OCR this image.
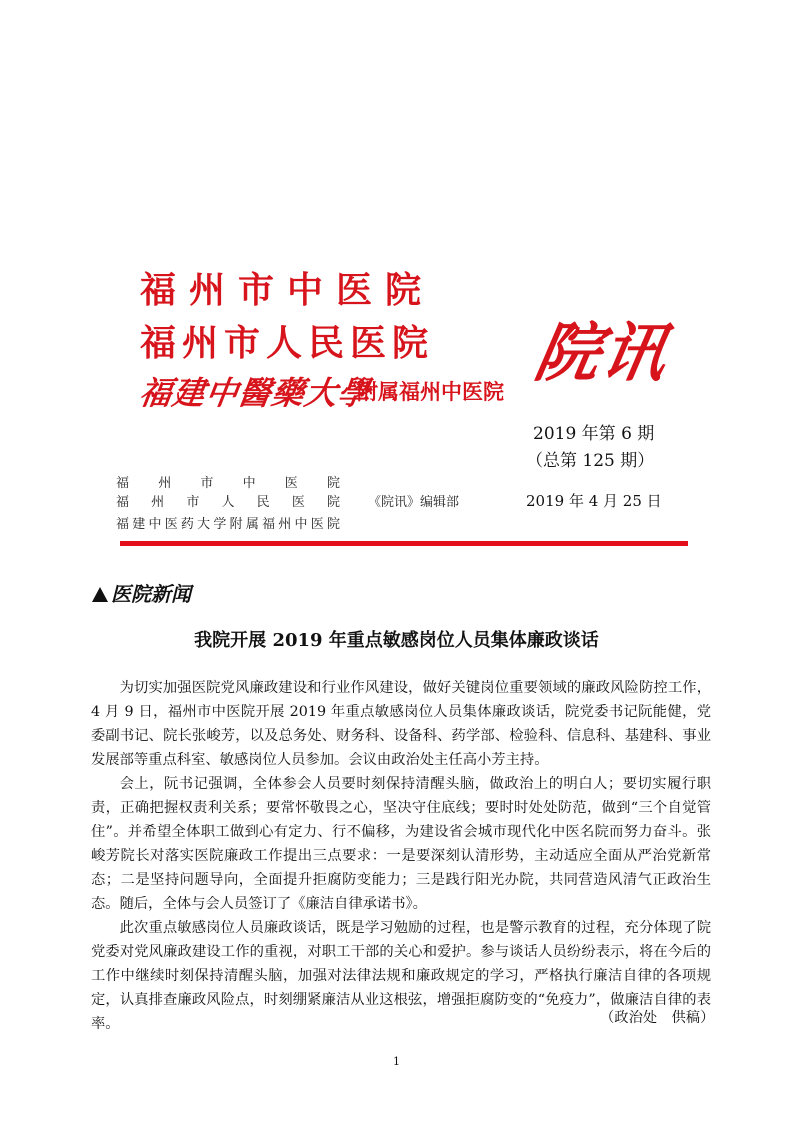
福州市中医院
福州市人民医院
福建中醫藥大學
附属福州中医院
院讯
2019 年第 6 期
（总第 125 期）
福州市中医院
福州市人民医院
福建中医药大学附属福州中医院
《院讯》编辑部	2019 年 4 月 25 日
医院新闻
我院开展 2019 年重点敏感岗位人员集体廉政谈话

为切实加强医院党风廉政建设和行业作风建设，做好关键岗位重要领域的廉政风险防控工作，4 月 9 日，福州市中医院开展 2019 年重点敏感岗位人员集体廉政谈话，院党委书记阮能健，党委副书记、院长张峻芳，以及总务处、财务科、设备科、药学部、检验科、信息科、基建科、事业发展部等重点科室、敏感岗位人员参加。会议由政治处主任高小芳主持。

会上，阮书记强调，全体参会人员要时刻保持清醒头脑，做政治上的明白人；要切实履行职责，正确把握权责利关系；要常怀敬畏之心，坚决守住底线；要时时处处防范，做到“三个自觉管住”。并希望全体职工做到心有定力、行不偏移，为建设省会城市现代化中医名院而努力奋斗。张峻芳院长对落实医院廉政工作提出三点要求：一是要深刻认清形势，主动适应全面从严治党新常态；二是坚持问题导向，全面提升拒腐防变能力；三是践行阳光办院，共同营造风清气正政治生态。随后，全体与会人员签订了《廉洁自律承诺书》。

此次重点敏感岗位人员廉政谈话，既是学习勉励的过程，也是警示教育的过程，充分体现了院党委对党风廉政建设工作的重视，对职工干部的关心和爱护。参与谈话人员纷纷表示，将在今后的工作中继续时刻保持清醒头脑，加强对法律法规和廉政规定的学习，严格执行廉洁自律的各项规定，认真排查廉政风险点，时刻绷紧廉洁从业这根弦，增强拒腐防变的“免疫力”，做廉洁自律的表率。	（政治处　供稿）
1
